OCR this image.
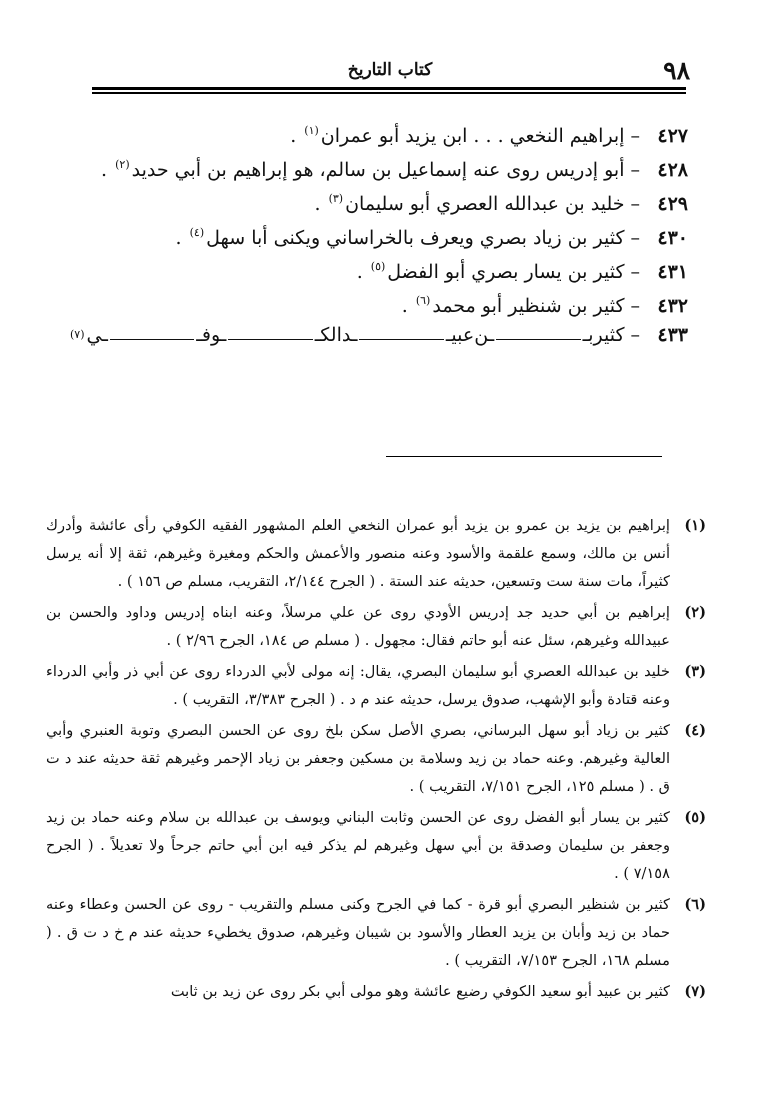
٩٨
كتاب التاريخ
٤٢٧–إبراهيم النخعي . . . ابن يزيد أبو عمران$^{(١)}$.
٤٢٨–أبو إدريس روى عنه إسماعيل بن سالم، هو إبراهيم بن أبي حديد$^{(٢)}$.
٤٢٩–خليد بن عبدالله العصري أبو سليمان$^{(٣)}$.
٤٣٠–كثير بن زياد بصري ويعرف بالخراساني ويكنى أبا سهل$^{(٤)}$.
٤٣١–كثير بن يسار بصري أبو الفضل$^{(٥)}$.
٤٣٢–كثير بن شنظير أبو محمد$^{(٦)}$.
٤٣٣
–
كثير
بـ
ـن
عبيـ
ـد
الكـ
ـوفـ
ـي
(٧)
(١)
إبراهيم بن يزيد بن عمرو بن يزيد أبو عمران النخعي العلم المشهور الفقيه الكوفي رأى عائشة وأدرك أنس بن مالك، وسمع علقمة والأسود وعنه منصور والأعمش والحكم ومغيرة وغيرهم، ثقة إلا أنه يرسل كثيراً، مات سنة ست وتسعين، حديثه عند الستة . ( الجرح ٢/١٤٤، التقريب، مسلم ص ١٥٦ ) .
(٢)
إبراهيم بن أبي حديد جد إدريس الأودي روى عن علي مرسلاً، وعنه ابناه إدريس وداود والحسن بن عبيدالله وغيرهم، سئل عنه أبو حاتم فقال: مجهول . ( مسلم ص ١٨٤، الجرح ٢/٩٦ ) .
(٣)
خليد بن عبدالله العصري أبو سليمان البصري، يقال: إنه مولى لأبي الدرداء روى عن أبي ذر وأبي الدرداء وعنه قتادة وأبو الإشهب، صدوق يرسل، حديثه عند م د . ( الجرح ٣/٣٨٣، التقريب ) .
(٤)
كثير بن زياد أبو سهل البرساني، بصري الأصل سكن بلخ روى عن الحسن البصري وتوبة العنبري وأبي العالية وغيرهم. وعنه حماد بن زيد وسلامة بن مسكين وجعفر بن زياد الإحمر وغيرهم ثقة حديثه عند د ت ق . ( مسلم ١٢٥، الجرح ٧/١٥١، التقريب ) .
(٥)
كثير بن يسار أبو الفضل روى عن الحسن وثابت البناني ويوسف بن عبدالله بن سلام وعنه حماد بن زيد وجعفر بن سليمان وصدقة بن أبي سهل وغيرهم لم يذكر فيه ابن أبي حاتم جرحاً ولا تعديلاً . ( الجرح ٧/١٥٨ ) .
(٦)
كثير بن شنظير البصري أبو قرة - كما في الجرح وكنى مسلم والتقريب - روى عن الحسن وعطاء وعنه حماد بن زيد وأبان بن يزيد العطار والأسود بن شيبان وغيرهم، صدوق يخطيء حديثه عند م خ د ت ق . ( مسلم ١٦٨، الجرح ٧/١٥٣، التقريب ) .
(٧)
كثير بن عبيد أبو سعيد الكوفي رضيع عائشة وهو مولى أبي بكر روى عن زيد بن ثابت
